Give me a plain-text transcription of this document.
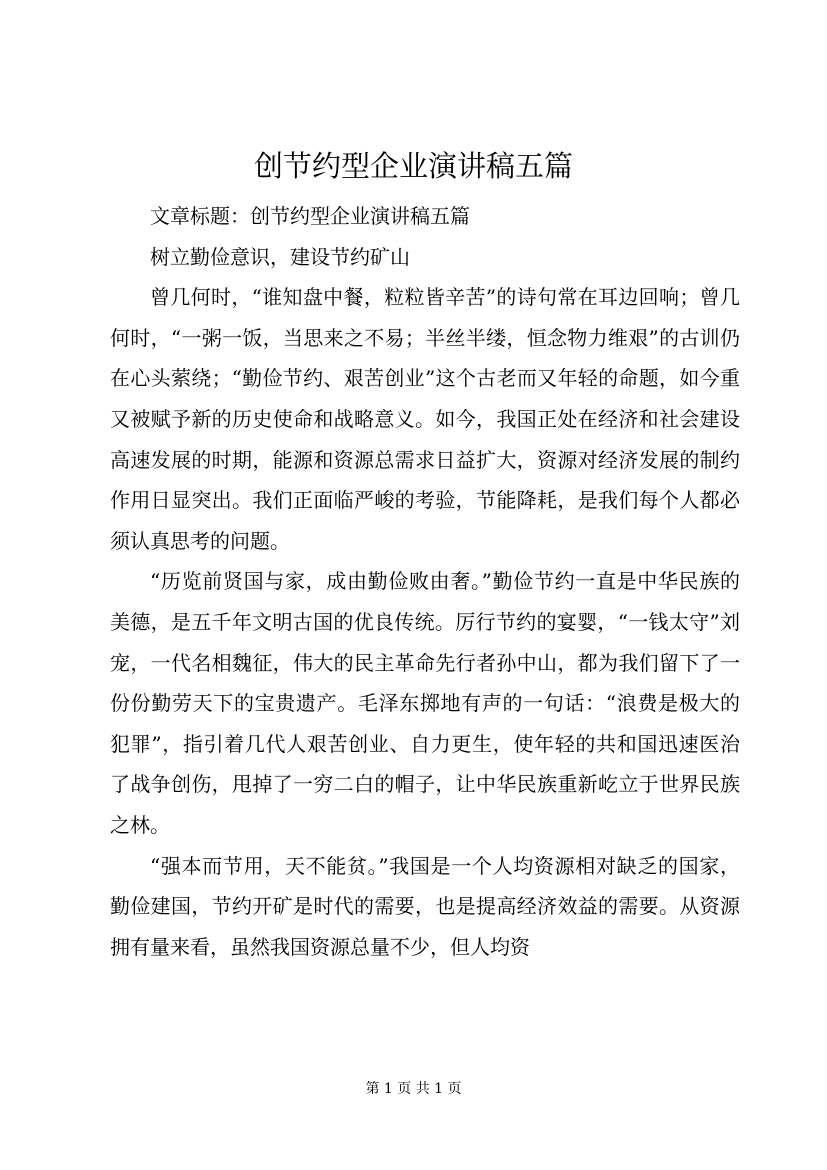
创节约型企业演讲稿五篇

文章标题：创节约型企业演讲稿五篇

树立勤俭意识，建设节约矿山

曾几何时，“谁知盘中餐，粒粒皆辛苦”的诗句常在耳边回响；曾几何时，“一粥一饭，当思来之不易；半丝半缕，恒念物力维艰”的古训仍在心头萦绕；“勤俭节约、艰苦创业”这个古老而又年轻的命题，如今重又被赋予新的历史使命和战略意义。如今，我国正处在经济和社会建设高速发展的时期，能源和资源总需求日益扩大，资源对经济发展的制约作用日显突出。我们正面临严峻的考验，节能降耗，是我们每个人都必须认真思考的问题。

“历览前贤国与家，成由勤俭败由奢。”勤俭节约一直是中华民族的美德，是五千年文明古国的优良传统。厉行节约的宴婴，“一钱太守”刘宠，一代名相魏征，伟大的民主革命先行者孙中山，都为我们留下了一份份勤劳天下的宝贵遗产。毛泽东掷地有声的一句话：“浪费是极大的犯罪”，指引着几代人艰苦创业、自力更生，使年轻的共和国迅速医治了战争创伤，甩掉了一穷二白的帽子，让中华民族重新屹立于世界民族之林。

“强本而节用，天不能贫。”我国是一个人均资源相对缺乏的国家，勤俭建国，节约开矿是时代的需要，也是提高经济效益的需要。从资源拥有量来看，虽然我国资源总量不少，但人均资

第 1 页 共 1 页
